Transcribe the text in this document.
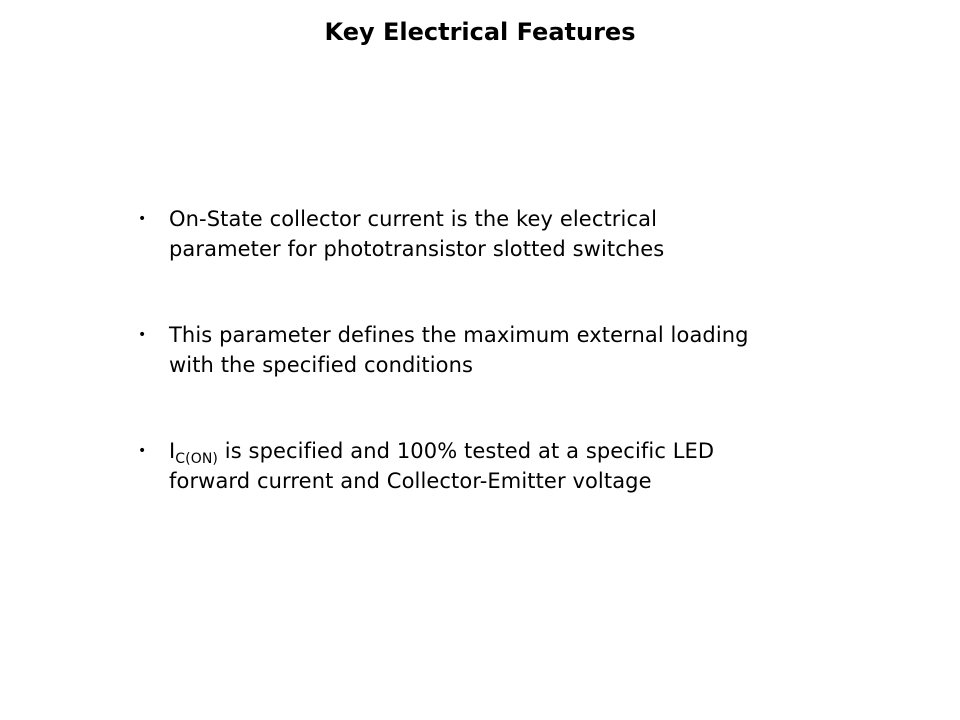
Key Electrical Features
• On-State collector current is the key electrical
parameter for phototransistor slotted switches
• This parameter defines the maximum external loading
with the specified conditions
• $I_{C(ON)}$ is specified and 100% tested at a specific LED
forward current and Collector-Emitter voltage
